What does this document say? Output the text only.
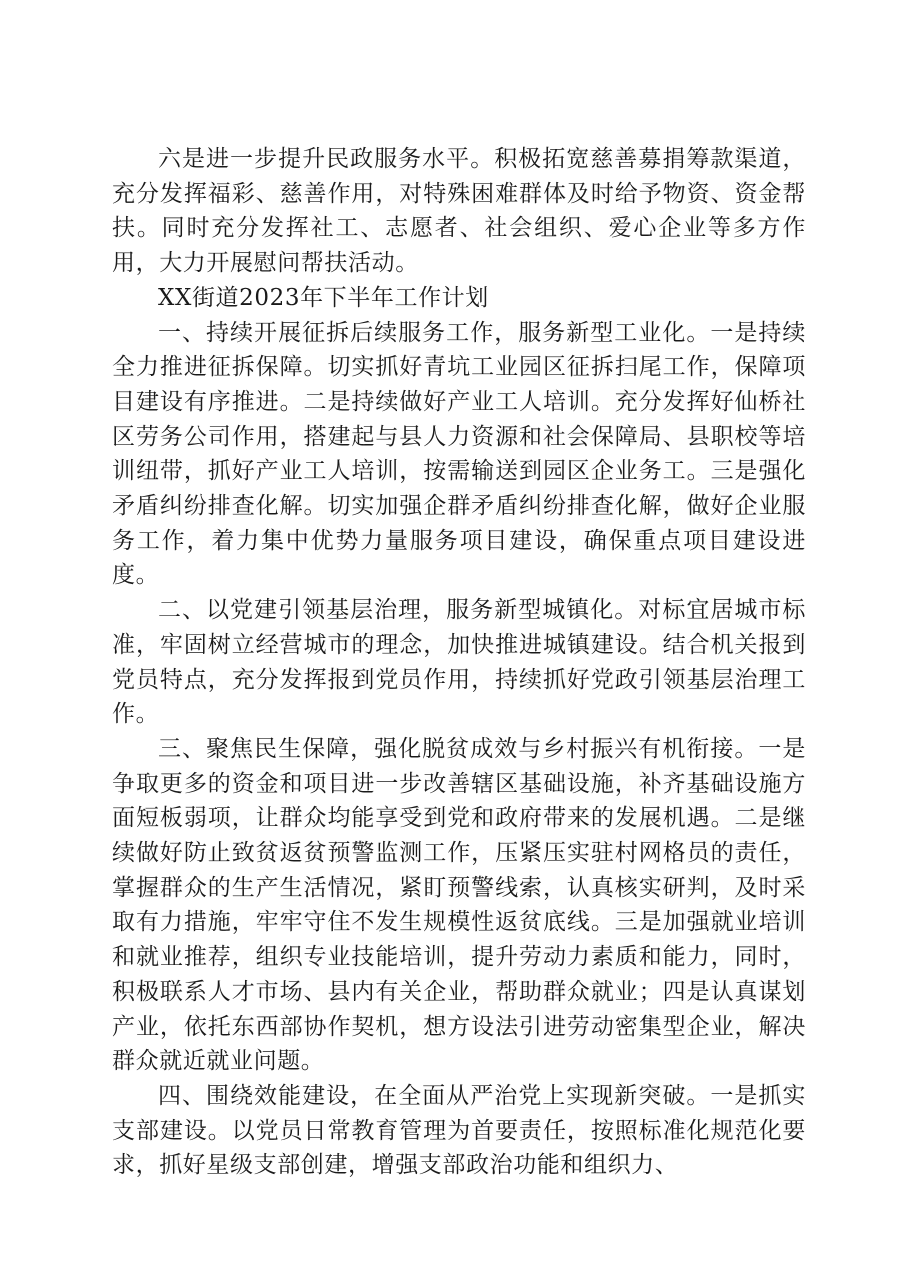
六是进一步提升民政服务水平。积极拓宽慈善募捐筹款渠道，充分发挥福彩、慈善作用，对特殊困难群体及时给予物资、资金帮扶。同时充分发挥社工、志愿者、社会组织、爱心企业等多方作用，大力开展慰问帮扶活动。

XX街道2023年下半年工作计划

一、持续开展征拆后续服务工作，服务新型工业化。一是持续全力推进征拆保障。切实抓好青坑工业园区征拆扫尾工作，保障项目建设有序推进。二是持续做好产业工人培训。充分发挥好仙桥社区劳务公司作用，搭建起与县人力资源和社会保障局、县职校等培训纽带，抓好产业工人培训，按需输送到园区企业务工。三是强化矛盾纠纷排查化解。切实加强企群矛盾纠纷排查化解，做好企业服务工作，着力集中优势力量服务项目建设，确保重点项目建设进度。

二、以党建引领基层治理，服务新型城镇化。对标宜居城市标准，牢固树立经营城市的理念，加快推进城镇建设。结合机关报到党员特点，充分发挥报到党员作用，持续抓好党政引领基层治理工作。

三、聚焦民生保障，强化脱贫成效与乡村振兴有机衔接。一是争取更多的资金和项目进一步改善辖区基础设施，补齐基础设施方面短板弱项，让群众均能享受到党和政府带来的发展机遇。二是继续做好防止致贫返贫预警监测工作，压紧压实驻村网格员的责任，掌握群众的生产生活情况，紧盯预警线索，认真核实研判，及时采取有力措施，牢牢守住不发生规模性返贫底线。三是加强就业培训和就业推荐，组织专业技能培训，提升劳动力素质和能力，同时，积极联系人才市场、县内有关企业，帮助群众就业；四是认真谋划产业，依托东西部协作契机，想方设法引进劳动密集型企业，解决群众就近就业问题。

四、围绕效能建设，在全面从严治党上实现新突破。一是抓实支部建设。以党员日常教育管理为首要责任，按照标准化规范化要求，抓好星级支部创建，增强支部政治功能和组织力、
